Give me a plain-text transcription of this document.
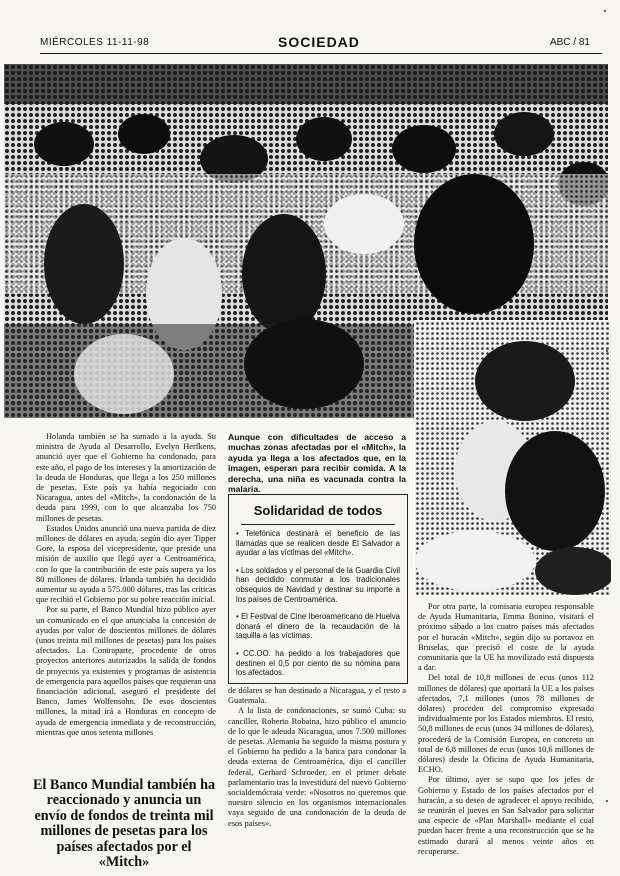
MIÉRCOLES 11-11-98	SOCIEDAD	ABC / 81

Holanda también se ha sumado a la ayuda. Su ministra de Ayuda al Desarrollo, Evelyn Herfkens, anunció ayer que el Gobierno ha condonado, para este año, el pago de los intereses y la amortización de la deuda de Honduras, que llega a los 250 millones de pesetas. Este país ya había negociado con Nicaragua, antes del «Mitch», la condonación de la deuda para 1999, con lo que alcanzaba los 750 millones de pesetas.

Estados Unidos anunció una nueva partida de diez millones de dólares en ayuda, según dio ayer Tipper Gore, la esposa del vicepresidente, que preside una misión de auxilio que llegó ayer a Centroamérica, con lo que la contribución de este país supera ya los 80 millones de dólares. Irlanda también ha decidido aumentar su ayuda a 575.000 dólares, tras las críticas que recibió el Gobierno por su pobre reacción inicial.

Por su parte, el Banco Mundial hizo público ayer un comunicado en el que anunciaba la concesión de ayudas por valor de doscientos millones de dólares (unos treinta mil millones de pesetas) para los países afectados. La Contraparte, procedente de otros proyectos anteriores autorizados la salida de fondos de proyectos ya existentes y programas de asistencia de emergencia para aquellos países que requieran una financiación adicional, aseguró el presidente del Banco, James Wolfensohn. De esos doscientos millones, la mitad irá a Honduras en concepto de ayuda de emergencia inmediata y de reconstrucción, mientras que unos setenta millones

El Banco Mundial también ha reaccionado y anuncia un envío de fondos de treinta mil millones de pesetas para los países afectados por el «Mitch»
Aunque con dificultades de acceso a muchas zonas afectadas por el «Mitch», la ayuda ya llega a los afectados que, en la imagen, esperan para recibir comida. A la derecha, una niña es vacunada contra la malaria.
Solidaridad de todos
• Telefónica destinará el beneficio de las llamadas que se realicen desde El Salvador a ayudar a las víctimas del «Mitch».
• Los soldados y el personal de la Guardia Civil han decidido conmutar a los tradicionales obsequios de Navidad y destinar su importe a los países de Centroamérica.
• El Festival de Cine Iberoamericano de Huelva donará el dinero de la recaudación de la taquilla a las víctimas.
• CC.OO. ha pedido a los trabajadores que destinen el 0,5 por ciento de su nómina para los afectados.

de dólares se han destinado a Nicaragua, y el resto a Guatemala.

A la lista de condonaciones, se sumó Cuba: su canciller, Roberto Robaina, hizo público el anuncio de lo que le adeuda Nicaragua, unos 7.500 millones de pesetas. Alemania ha seguido la misma postura y el Gobierno ha pedido a la banca para condonar la deuda externa de Centroamérica, dijo el canciller federal, Gerhard Schroeder, en el primer debate parlamentario tras la investidura del nuevo Gobierno socialdemócrata verde: «Nosotros no queremos que nuestro silencio en los organismos internacionales vaya seguido de una condonación de la deuda de esos países».

Por otra parte, la comisaria europea responsable de Ayuda Humanitaria, Emma Bonino, visitará el próximo sábado a los cuatro países más afectados por el huracán «Mitch», según dijo su portavoz en Bruselas, que precisó el coste de la ayuda comunitaria que la UE ha movilizado está dispuesta a dar.

Del total de 10,8 millones de ecus (unos 112 millones de dólares) que aportará la UE a los países afectados, 7,1 millones (unos 78 millones de dólares) proceden del compromiso expresado individualmente por los Estados miembros. El resto, 50,8 millones de ecus (unos 34 millones de dólares), procederá de la Comisión Europea, en concreto un total de 6,8 millones de ecus (unos 10,6 millones de dólares) desde la Oficina de Ayuda Humanitaria, ECHO.

Por último, ayer se supo que los jefes de Gobierno y Estado de los países afectados por el huracán, a su deseo de agradecer el apoyo recibido, se reunirán el jueves en San Salvador para solicitar una especie de «Plan Marshall» mediante el cual puedan hacer frente a una reconstrucción que se ha estimado durará al menos veinte años en recuperarse.
